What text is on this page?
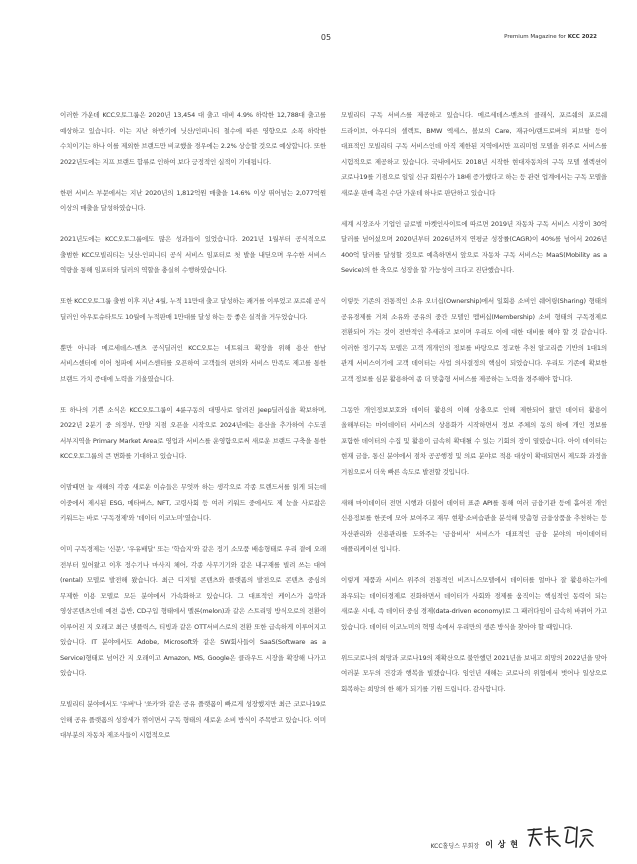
05	Premium Magazine for KCC 2022

이러한 가운데 KCC오토그룹은 2020년 13,454 대 출고 대비 4.9% 하락한 12,788대 출고를 예상하고 있습니다. 이는 지난 하반기에 닛산/인피니티 철수에 따른 영향으로 소폭 하락한 수치이기는 하나 이를 제외한 브랜드만 비교했을 경우에는 2.2% 상승할 것으로 예상합니다. 또한 2022년도에는 지프 브랜드 합류로 인하여 보다 긍정적인 실적이 기대됩니다.

한편 서비스 부문에서는 지난 2020년의 1,812억원 매출을 14.6% 이상 뛰어넘는 2,077억원 이상의 매출을 달성하였습니다.

2021년도에는 KCC오토그룹에도 많은 성과들이 있었습니다. 2021년 1월부터 공식적으로 출범한 KCC모빌리티는 닛산-인피니티 공식 서비스 임포터로 첫 발을 내딛으며 우수한 서비스 역량을 통해 임포터와 딜러의 역할을 충실히 수행하였습니다.

또한 KCC오토그룹 출범 이후 지난 4월, 누적 11만대 출고 달성하는 쾌거를 이루었고 포르쉐 공식 딜러인 아우토슈타트도 10월에 누적판매 1만대를 달성 하는 등 좋은 실적을 거두었습니다.

뿐만 아니라 메르세데스-벤츠 공식딜러인 KCC오토는 네트워크 확장을 위해 용산 한남 서비스센터에 이어 청파에 서비스센터를 오픈하여 고객들의 편의와 서비스 만족도 제고를 통한 브랜드 가치 증대에 노력을 기울였습니다.

또 하나의 기쁜 소식은 KCC오토그룹이 4륜구동의 대명사로 알려진 Jeep딜러십을 확보하며, 2022년 2분기 중 의정부, 안양 지점 오픈을 시작으로 2024년에는 용산을 추가하여 수도권 서부지역을 Primary Market Area로 영업과 서비스를 운영함으로써 새로운 브랜드 구축을 통한 KCC오토그룹의 큰 변화를 기대하고 있습니다.

이맘때면 늘 새해의 각종 새로운 이슈들은 무엇까 하는 생각으로 각종 트렌드서를 읽게 되는데 이중에서 제시된 ESG, 메타버스, NFT, 고령사회 등 여러 키워드 중에서도 제 눈을 사로잡은 키워드는 바로 '구독경제'와 '데이터 이코노미'였습니다.

이미 구독경제는 '신문', '우유배달' 또는 '학습지'와 같은 정기 소모품 배송형태로 우리 곁에 오래 전부터 있어왔고 이후 정수기나 마사지 체어, 각종 사무기기와 같은 내구재를 빌려 쓰는 대여(rental) 모델로 발전해 왔습니다. 최근 디지털 콘텐츠와 플랫폼의 발전으로 콘텐츠 중심의 무제한 이용 모델로 모든 분야에서 가속화하고 있습니다. 그 대표적인 케이스가 음악과 영상콘텐츠인데 예전 음반, CD구입 형태에서 멜론(melon)과 같은 스트리밍 방식으로의 전환이 이루어진 지 오래고 최근 넷플릭스, 티빙과 같은 OTT서비스로의 전환 또한 급속하게 이루어지고 있습니다. IT 분야에서도 Adobe, Microsoft와 같은 SW회사들이 SaaS(Software as a Service)형태로 넘어간 지 오래이고 Amazon, MS, Google은 클라우드 시장을 확장해 나가고 있습니다.

모빌리티 분야에서도 '우버'나 '쏘카'와 같은 공유 플랫폼이 빠르게 성장했지만 최근 코로나19로 인해 공유 플랫폼의 성장세가 꺾이면서 구독 형태의 새로운 소비 방식이 주목받고 있습니다. 이미 대부분의 자동차 제조사들이 시험적으로

모빌리티 구독 서비스를 제공하고 있습니다. 메르세데스-벤츠의 클래식, 포르쉐의 포르쉐 드라이브, 아우디의 셀렉트, BMW 엑세스, 볼보의 Care, 재규어/랜드로버의 피브탈 등이 대표적인 모빌리티 구독 서비스인데 아직 제한된 지역에서만 프리미엄 모델을 위주로 서비스를 시험적으로 제공하고 있습니다. 국내에서도 2018년 시작한 현대자동차의 구독 모델 셀렉션이 코로나19를 기점으로 일일 신규 회원수가 18배 증가했다고 하는 등 관련 업계에서는 구독 모델을 새로운 판매 촉진 수단 가운데 하나로 판단하고 있습니다

세계 시장조사 기업인 글로벌 마켓인사이트에 따르면 2019년 자동차 구독 서비스 시장이 30억 달러를 넘어섰으며 2020년부터 2026년까지 연평균 성장률(CAGR)이 40%를 넘어서 2026년 400억 달러를 달성할 것으로 예측하면서 앞으로 자동차 구독 서비스는 MaaS(Mobility as a Sevice)의 한 축으로 성장을 할 가능성이 크다고 진단했습니다.

이렇듯 기존의 전통적인 소유 오너십(Ownership)에서 일회용 소비인 쉐어링(Sharing) 형태의 공유경제를 거쳐 소유와 공유의 중간 모델인 멤버십(Membership) 소비 형태의 구독경제로 전환되어 가는 것이 전반적인 추세라고 보이며 우리도 이에 대한 대비를 해야 할 것 같습니다. 이러한 정기구독 모델은 고객 개개인의 정보를 바탕으로 정교한 추천 알고리즘 기반의 1대1의 관계 서비스이기에 고객 데이터는 사업 의사결정의 핵심이 되었습니다. 우리도 기존에 확보한 고객 정보를 심분 활용하여 좀 더 맞춤형 서비스를 제공하는 노력을 경주해야 합니다.

그동안 개인정보보호와 데이터 활용의 이해 상충으로 인해 제한되어 왔던 데이터 활용이 올해부터는 마이데이터 서비스의 상용화가 시작하면서 정보 주체의 동의 하에 개인 정보를 포함한 데이터의 수집 및 활용이 급속히 확대될 수 있는 기회의 장이 열렸습니다. 아이 데이터는 현재 금융, 통신 분야에서 점차 공공행정 및 의료 분야로 적용 대상이 확대되면서 제도화 과정을 거침으로서 더욱 빠른 속도로 발전할 것입니다.

새해 마이데이터 전면 시행과 더불어 데이터 표준 API를 통해 여러 금융기관 등에 흩어진 개인 신용정보를 한곳에 모아 보여주고 재무 현황·소비습관을 분석해 맞춤형 금융상품을 추천하는 등 자산관리와 신용관리를 도와주는 '금융비서' 서비스가 대표적인 금융 분야의 마이데이터 애플리케이션 입니다.

이렇게 제품과 서비스 위주의 전통적인 비즈니스모델에서 데이터를 얼마나 잘 활용하는가에 좌우되는 데이터경제로 진화하면서 데이터가 사회와 경제를 움직이는 핵심적인 동력이 되는 새로운 시대, 즉 데이터 중심 경제(data-driven economy)로 그 패러다임이 급속히 바뀌어 가고 있습니다. 데이터 이코노미의 혁명 속에서 우리만의 생존 방식을 찾아야 할 때입니다.

위드코로나의 희망과 코로나19의 재확산으로 불안했던 2021년을 보내고 희망의 2022년을 맞아 여러분 모두의 건강과 행복을 빌겠습니다. 임인년 새해는 코로나의 위협에서 벗어나 일상으로 회복하는 희망의 한 해가 되기를 기원 드립니다. 감사합니다.

KCC홀딩스 부회장 이 상 현
